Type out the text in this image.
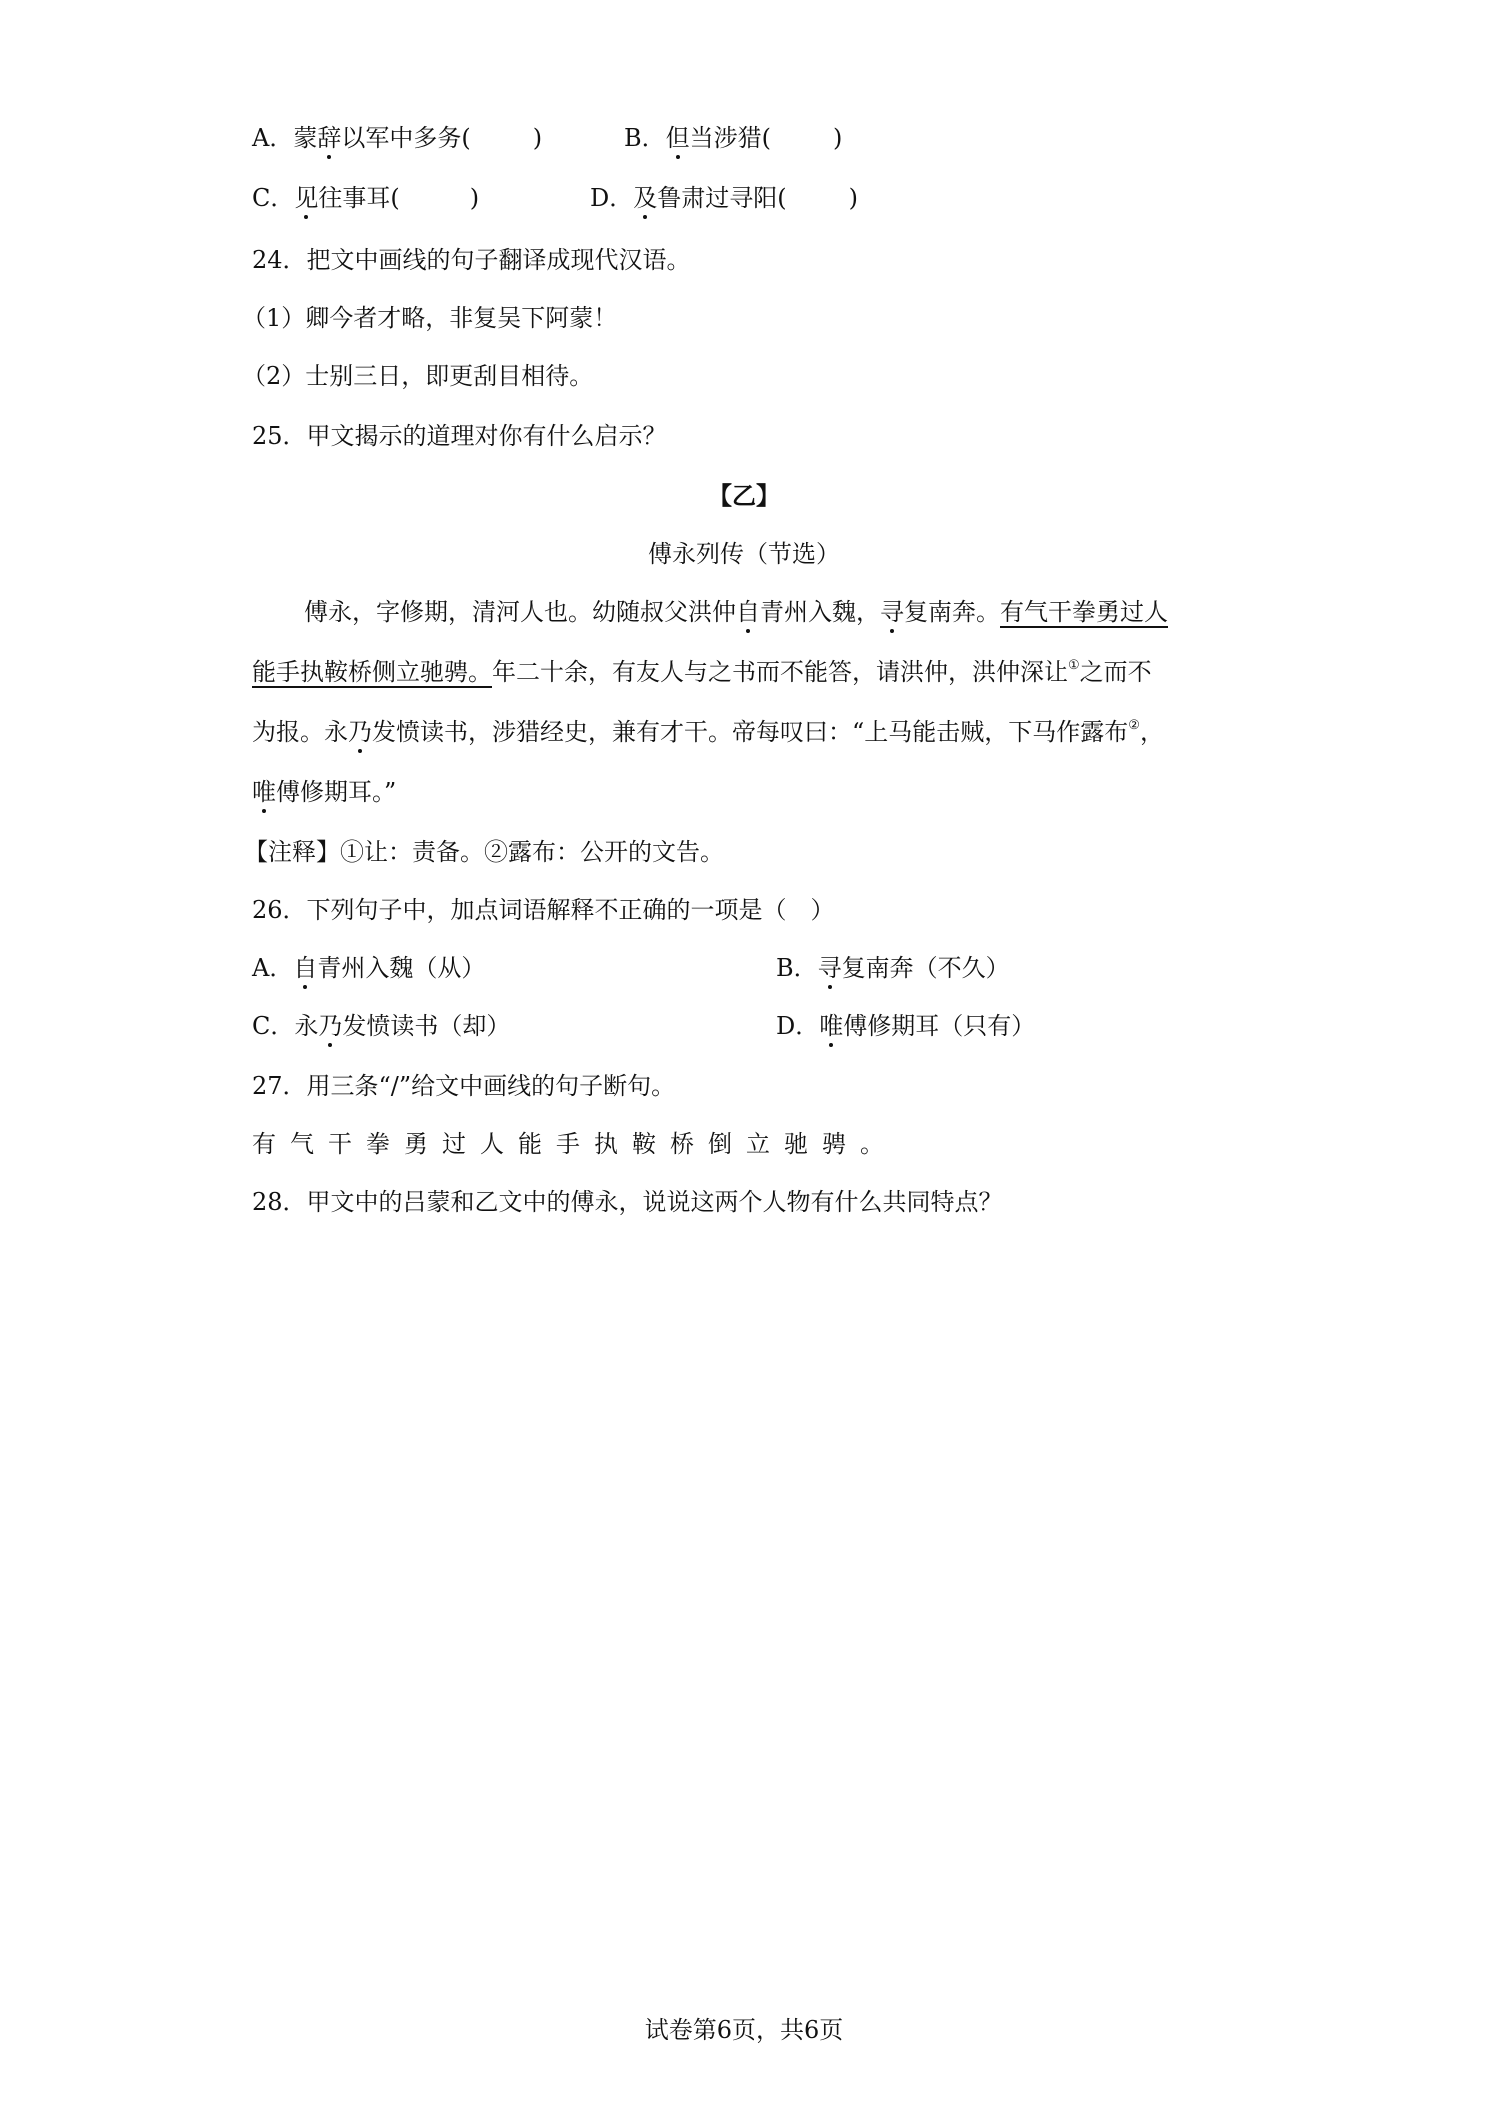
A．蒙辞以军中多务(	)	B．但当涉猎(	)
C．见往事耳(	)	D．及鲁肃过寻阳(	)
24．把文中画线的句子翻译成现代汉语。
（1）卿今者才略，非复吴下阿蒙！
（2）士别三日，即更刮目相待。
25．甲文揭示的道理对你有什么启示？
【乙】
傅永列传（节选）
傅永，字修期，清河人也。幼随叔父洪仲自青州入魏，寻复南奔。有气干拳勇过人
能手执鞍桥侧立驰骋。年二十余，有友人与之书而不能答，请洪仲，洪仲深让①之而不
为报。永乃发愤读书，涉猎经史，兼有才干。帝每叹曰：“上马能击贼，下马作露布②，
唯傅修期耳。”
【注释】①让：责备。②露布：公开的文告。
26．下列句子中，加点词语解释不正确的一项是（　）
A．自青州入魏（从）	B．寻复南奔（不久）
C．永乃发愤读书（却）	D．唯傅修期耳（只有）
27．用三条“/”给文中画线的句子断句。
有气干拳勇过人能手执鞍桥倒立驰骋。
28．甲文中的吕蒙和乙文中的傅永，说说这两个人物有什么共同特点？
试卷第6页，共6页
